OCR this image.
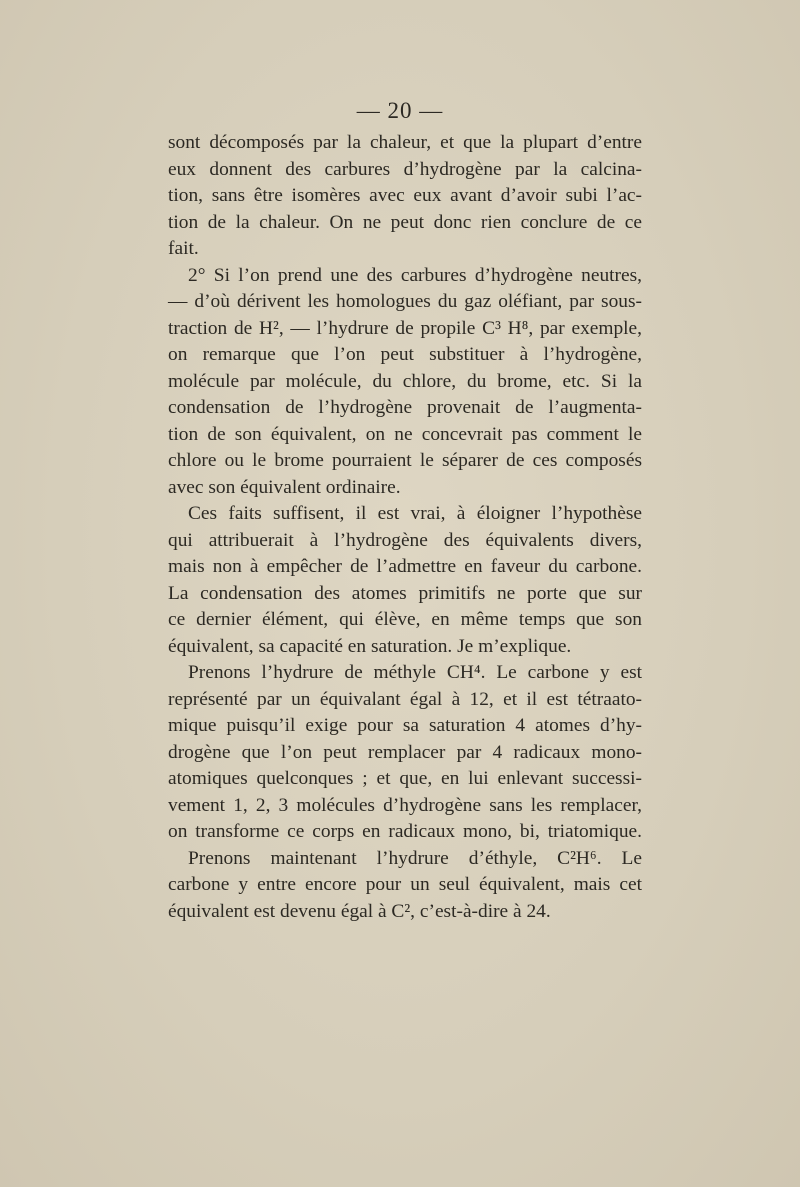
— 20 —
sont décomposés par la chaleur, et que la plupart d’entre
eux donnent des carbures d’hydrogène par la calcina-
tion, sans être isomères avec eux avant d’avoir subi l’ac-
tion de la chaleur. On ne peut donc rien conclure de ce
fait.
2° Si l’on prend une des carbures d’hydrogène neutres,
— d’où dérivent les homologues du gaz oléfiant, par sous-
traction de H², — l’hydrure de propile C³ H⁸, par exemple,
on remarque que l’on peut substituer à l’hydrogène,
molécule par molécule, du chlore, du brome, etc. Si la
condensation de l’hydrogène provenait de l’augmenta-
tion de son équivalent, on ne concevrait pas comment le
chlore ou le brome pourraient le séparer de ces composés
avec son équivalent ordinaire.
Ces faits suffisent, il est vrai, à éloigner l’hypothèse
qui attribuerait à l’hydrogène des équivalents divers,
mais non à empêcher de l’admettre en faveur du carbone.
La condensation des atomes primitifs ne porte que sur
ce dernier élément, qui élève, en même temps que son
équivalent, sa capacité en saturation. Je m’explique.
Prenons l’hydrure de méthyle CH⁴. Le carbone y est
représenté par un équivalant égal à 12, et il est tétraato-
mique puisqu’il exige pour sa saturation 4 atomes d’hy-
drogène que l’on peut remplacer par 4 radicaux mono-
atomiques quelconques ; et que, en lui enlevant successi-
vement 1, 2, 3 molécules d’hydrogène sans les remplacer,
on transforme ce corps en radicaux mono, bi, triatomique.
Prenons maintenant l’hydrure d’éthyle, C²H⁶. Le
carbone y entre encore pour un seul équivalent, mais cet
équivalent est devenu égal à C², c’est-à-dire à 24.
